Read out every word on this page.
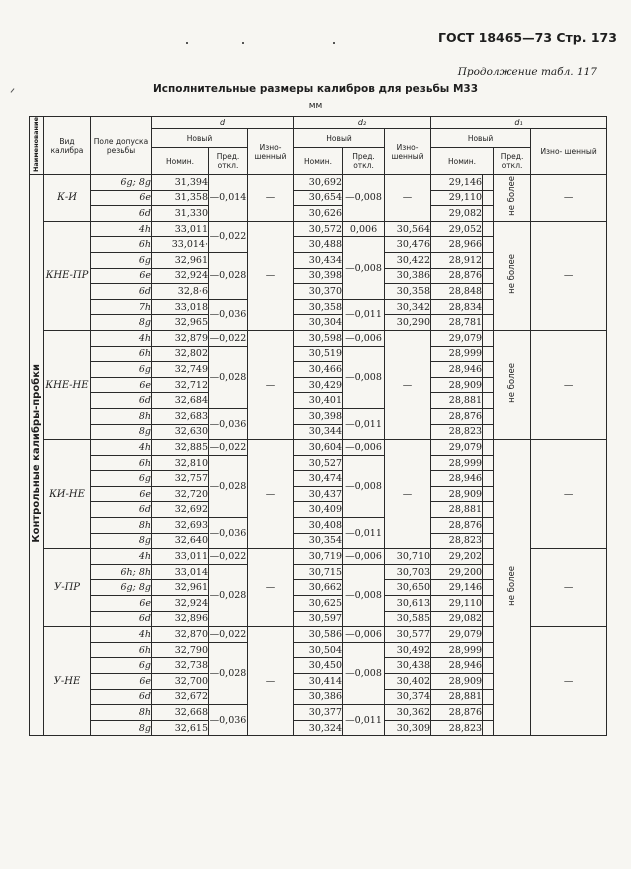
ГОСТ 18465—73 Стр. 173
Продолжение табл. 117
Исполнительные размеры калибров для резьбы М33
мм
Наименование	Вид калибра	Поле допуска резьбы	d			d₂			d₁			
			Новый		Изно- шенный	Новый		Изно- шенный	Новый			Изно- шенный
			Номин.	Пред. откл.		Номин.	Пред. откл.		Номин.		Пред. откл.	
Контрольные калибры-пробки	К-И	6g; 8g	31,394	—0,014	—	30,692	—0,008	—	29,146		не более	—
		6e	31,358			30,654			29,110			
		6d	31,330			30,626			29,082			
	КНЕ-ПР	4h	33,011	—0,022	—	30,572	0,006	30,564	29,052		не более	—
		6h	33,014·			30,488	—0,008	30,476	28,966			
		6g	32,961	—0,028		30,434		30,422	28,912			
		6e	32,924			30,398		30,386	28,876			
		6d	32,8·6			30,370		30,358	28,848			
		7h	33,018	—0,036		30,358	—0,011	30,342	28,834			
		8g	32,965			30,304		30,290	28,781			
	КНЕ-НЕ	4h	32,879	—0,022	—	30,598	—0,006	—	29,079		не более	—
		6h	32,802	—0,028		30,519	—0,008		28,999			
		6g	32,749			30,466			28,946			
		6e	32,712			30,429			28,909			
		6d	32,684			30,401			28,881			
		8h	32,683	—0,036		30,398	—0,011		28,876			
		8g	32,630			30,344			28,823			
	КИ-НЕ	4h	32,885	—0,022	—	30,604	—0,006	—	29,079		не более	—
		6h	32,810	—0,028		30,527	—0,008		28,999			
		6g	32,757			30,474			28,946			
		6e	32,720			30,437			28,909			
		6d	32,692			30,409			28,881			
		8h	32,693	—0,036		30,408	—0,011		28,876			
		8g	32,640			30,354			28,823			
	У-ПР	4h	33,011	—0,022	—	30,719	—0,006	30,710	29,202			—
		6h; 8h	33,014	—0,028		30,715	—0,008	30,703	29,200			
		6g; 8g	32,961			30,662		30,650	29,146			
		6e	32,924			30,625		30,613	29,110			
		6d	32,896			30,597		30,585	29,082			
	У-НЕ	4h	32,870	—0,022	—	30,586	—0,006	30,577	29,079			—
		6h	32,790	—0,028		30,504	—0,008	30,492	28,999			
		6g	32,738			30,450		30,438	28,946			
		6e	32,700			30,414		30,402	28,909			
		6d	32,672			30,386		30,374	28,881			
		8h	32,668	—0,036		30,377	—0,011	30,362	28,876			
		8g	32,615			30,324		30,309	28,823			
